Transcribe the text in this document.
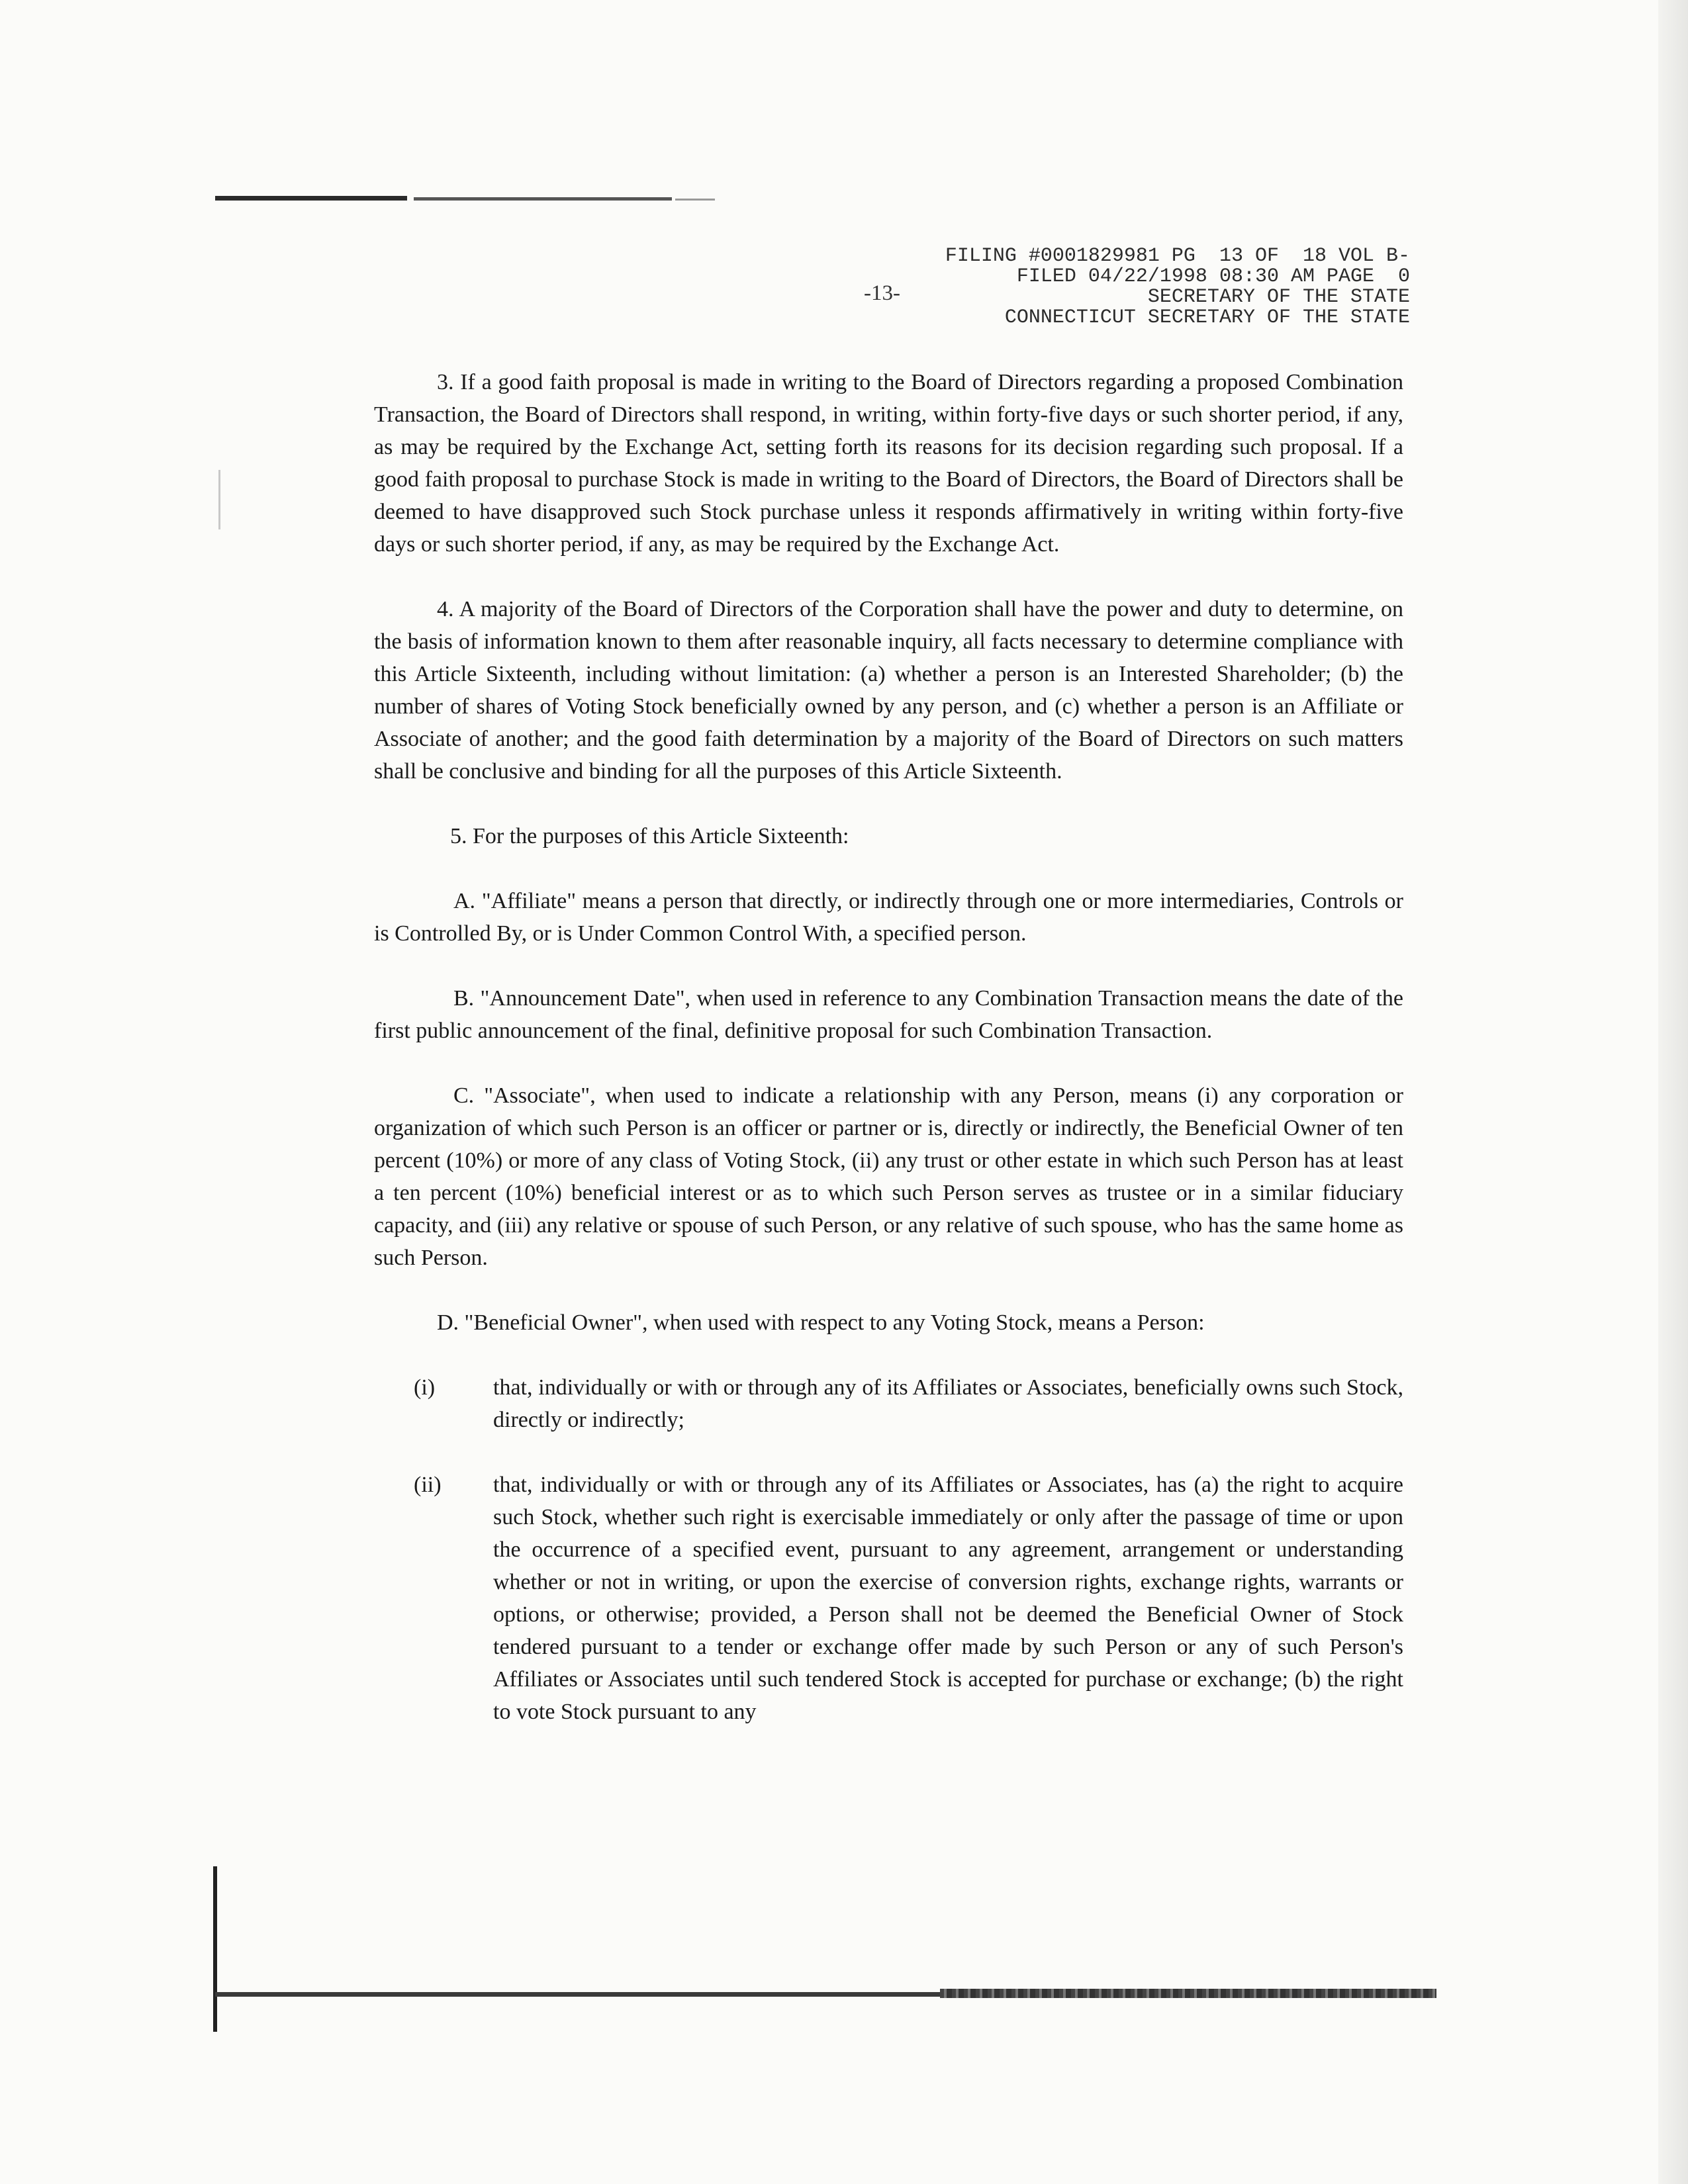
-13-
FILING #0001829981 PG  13 OF  18 VOL B-
FILED 04/22/1998 08:30 AM PAGE  0
SECRETARY OF THE STATE
CONNECTICUT SECRETARY OF THE STATE

3. If a good faith proposal is made in writing to the Board of Directors regarding a proposed Combination Transaction, the Board of Directors shall respond, in writing, within forty-five days or such shorter period, if any, as may be required by the Exchange Act, setting forth its reasons for its decision regarding such proposal. If a good faith proposal to purchase Stock is made in writing to the Board of Directors, the Board of Directors shall be deemed to have disapproved such Stock purchase unless it responds affirmatively in writing within forty-five days or such shorter period, if any, as may be required by the Exchange Act.

4. A majority of the Board of Directors of the Corporation shall have the power and duty to determine, on the basis of information known to them after reasonable inquiry, all facts necessary to determine compliance with this Article Sixteenth, including without limitation: (a) whether a person is an Interested Shareholder; (b) the number of shares of Voting Stock beneficially owned by any person, and (c) whether a person is an Affiliate or Associate of another; and the good faith determination by a majority of the Board of Directors on such matters shall be conclusive and binding for all the purposes of this Article Sixteenth.

5. For the purposes of this Article Sixteenth:

A. "Affiliate" means a person that directly, or indirectly through one or more intermediaries, Controls or is Controlled By, or is Under Common Control With, a specified person.

B. "Announcement Date", when used in reference to any Combination Transaction means the date of the first public announcement of the final, definitive proposal for such Combination Transaction.

C. "Associate", when used to indicate a relationship with any Person, means (i) any corporation or organization of which such Person is an officer or partner or is, directly or indirectly, the Beneficial Owner of ten percent (10%) or more of any class of Voting Stock, (ii) any trust or other estate in which such Person has at least a ten percent (10%) beneficial interest or as to which such Person serves as trustee or in a similar fiduciary capacity, and (iii) any relative or spouse of such Person, or any relative of such spouse, who has the same home as such Person.

D. "Beneficial Owner", when used with respect to any Voting Stock, means a Person:

(i)	that, individually or with or through any of its Affiliates or Associates, beneficially owns such Stock, directly or indirectly;
(ii) that, individually or with or through any of its Affiliates or Associates, has (a) the right to acquire such Stock, whether such right is exercisable immediately or only after the passage of time or upon the occurrence of a specified event, pursuant to any agreement, arrangement or understanding whether or not in writing, or upon the exercise of conversion rights, exchange rights, warrants or options, or otherwise; provided, a Person shall not be deemed the Beneficial Owner of Stock tendered pursuant to a tender or exchange offer made by such Person or any of such Person's Affiliates or Associates until such tendered Stock is accepted for purchase or exchange; (b) the right to vote Stock pursuant to any
